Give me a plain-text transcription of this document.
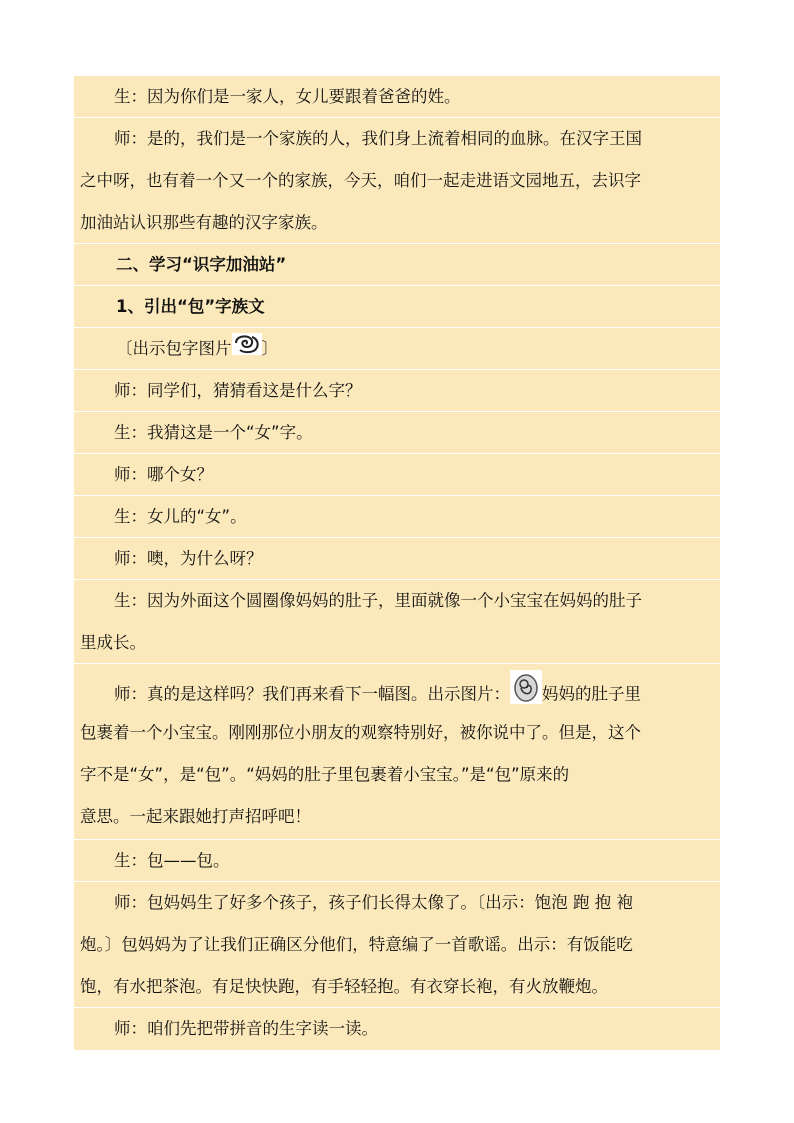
生：因为你们是一家人，女儿要跟着爸爸的姓。
师：是的，我们是一个家族的人，我们身上流着相同的血脉。在汉字王国
之中呀，也有着一个又一个的家族，今天，咱们一起走进语文园地五，去识字
加油站认识那些有趣的汉字家族。
二、学习“识字加油站”
1、引出“包”字族文
〔出示包字图片 〕
师：同学们，猜猜看这是什么字？
生：我猜这是一个“女”字。
师：哪个女？
生：女儿的“女”。
师：噢，为什么呀？
生：因为外面这个圆圈像妈妈的肚子，里面就像一个小宝宝在妈妈的肚子
里成长。
师：真的是这样吗？我们再来看下一幅图。出示图片： 妈妈的肚子里
包裹着一个小宝宝。刚刚那位小朋友的观察特别好，被你说中了。但是，这个
字不是“女”，是“包”。“妈妈的肚子里包裹着小宝宝。”是“包”原来的
意思。一起来跟她打声招呼吧！
生：包——包。
师：包妈妈生了好多个孩子，孩子们长得太像了。〔出示：饱泡 跑 抱 袍
炮。〕包妈妈为了让我们正确区分他们，特意编了一首歌谣。出示：有饭能吃
饱，有水把茶泡。有足快快跑，有手轻轻抱。有衣穿长袍，有火放鞭炮。
师：咱们先把带拼音的生字读一读。
